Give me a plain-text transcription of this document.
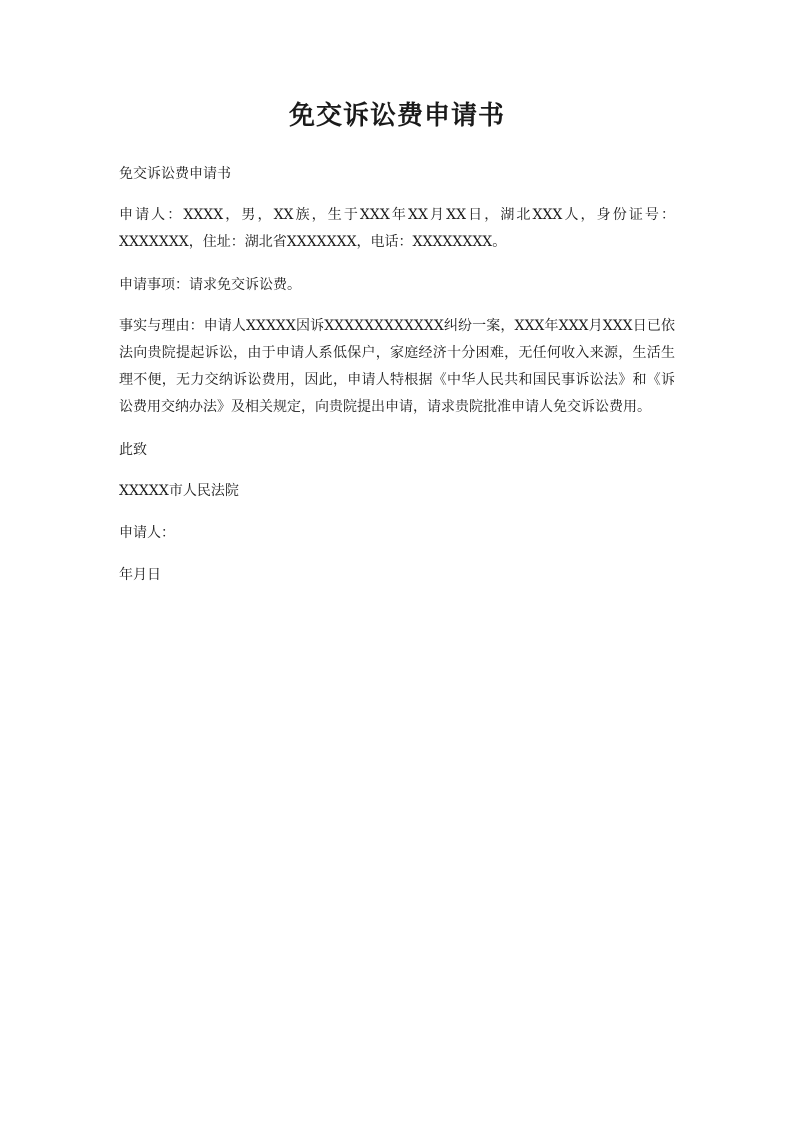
免交诉讼费申请书

免交诉讼费申请书

申请人：XXXX，男，XX族，生于XXX年XX月XX日，湖北XXX人，身份证号：XXXXXXX，住址：湖北省XXXXXXX，电话：XXXXXXXX。

申请事项：请求免交诉讼费。

事实与理由：申请人XXXXX因诉XXXXXXXXXXXX纠纷一案，XXX年XXX月XXX日已依法向贵院提起诉讼，由于申请人系低保户，家庭经济十分困难，无任何收入来源，生活生理不便，无力交纳诉讼费用，因此，申请人特根据《中华人民共和国民事诉讼法》和《诉讼费用交纳办法》及相关规定，向贵院提出申请，请求贵院批准申请人免交诉讼费用。

此致

XXXXX市人民法院

申请人：

年月日
